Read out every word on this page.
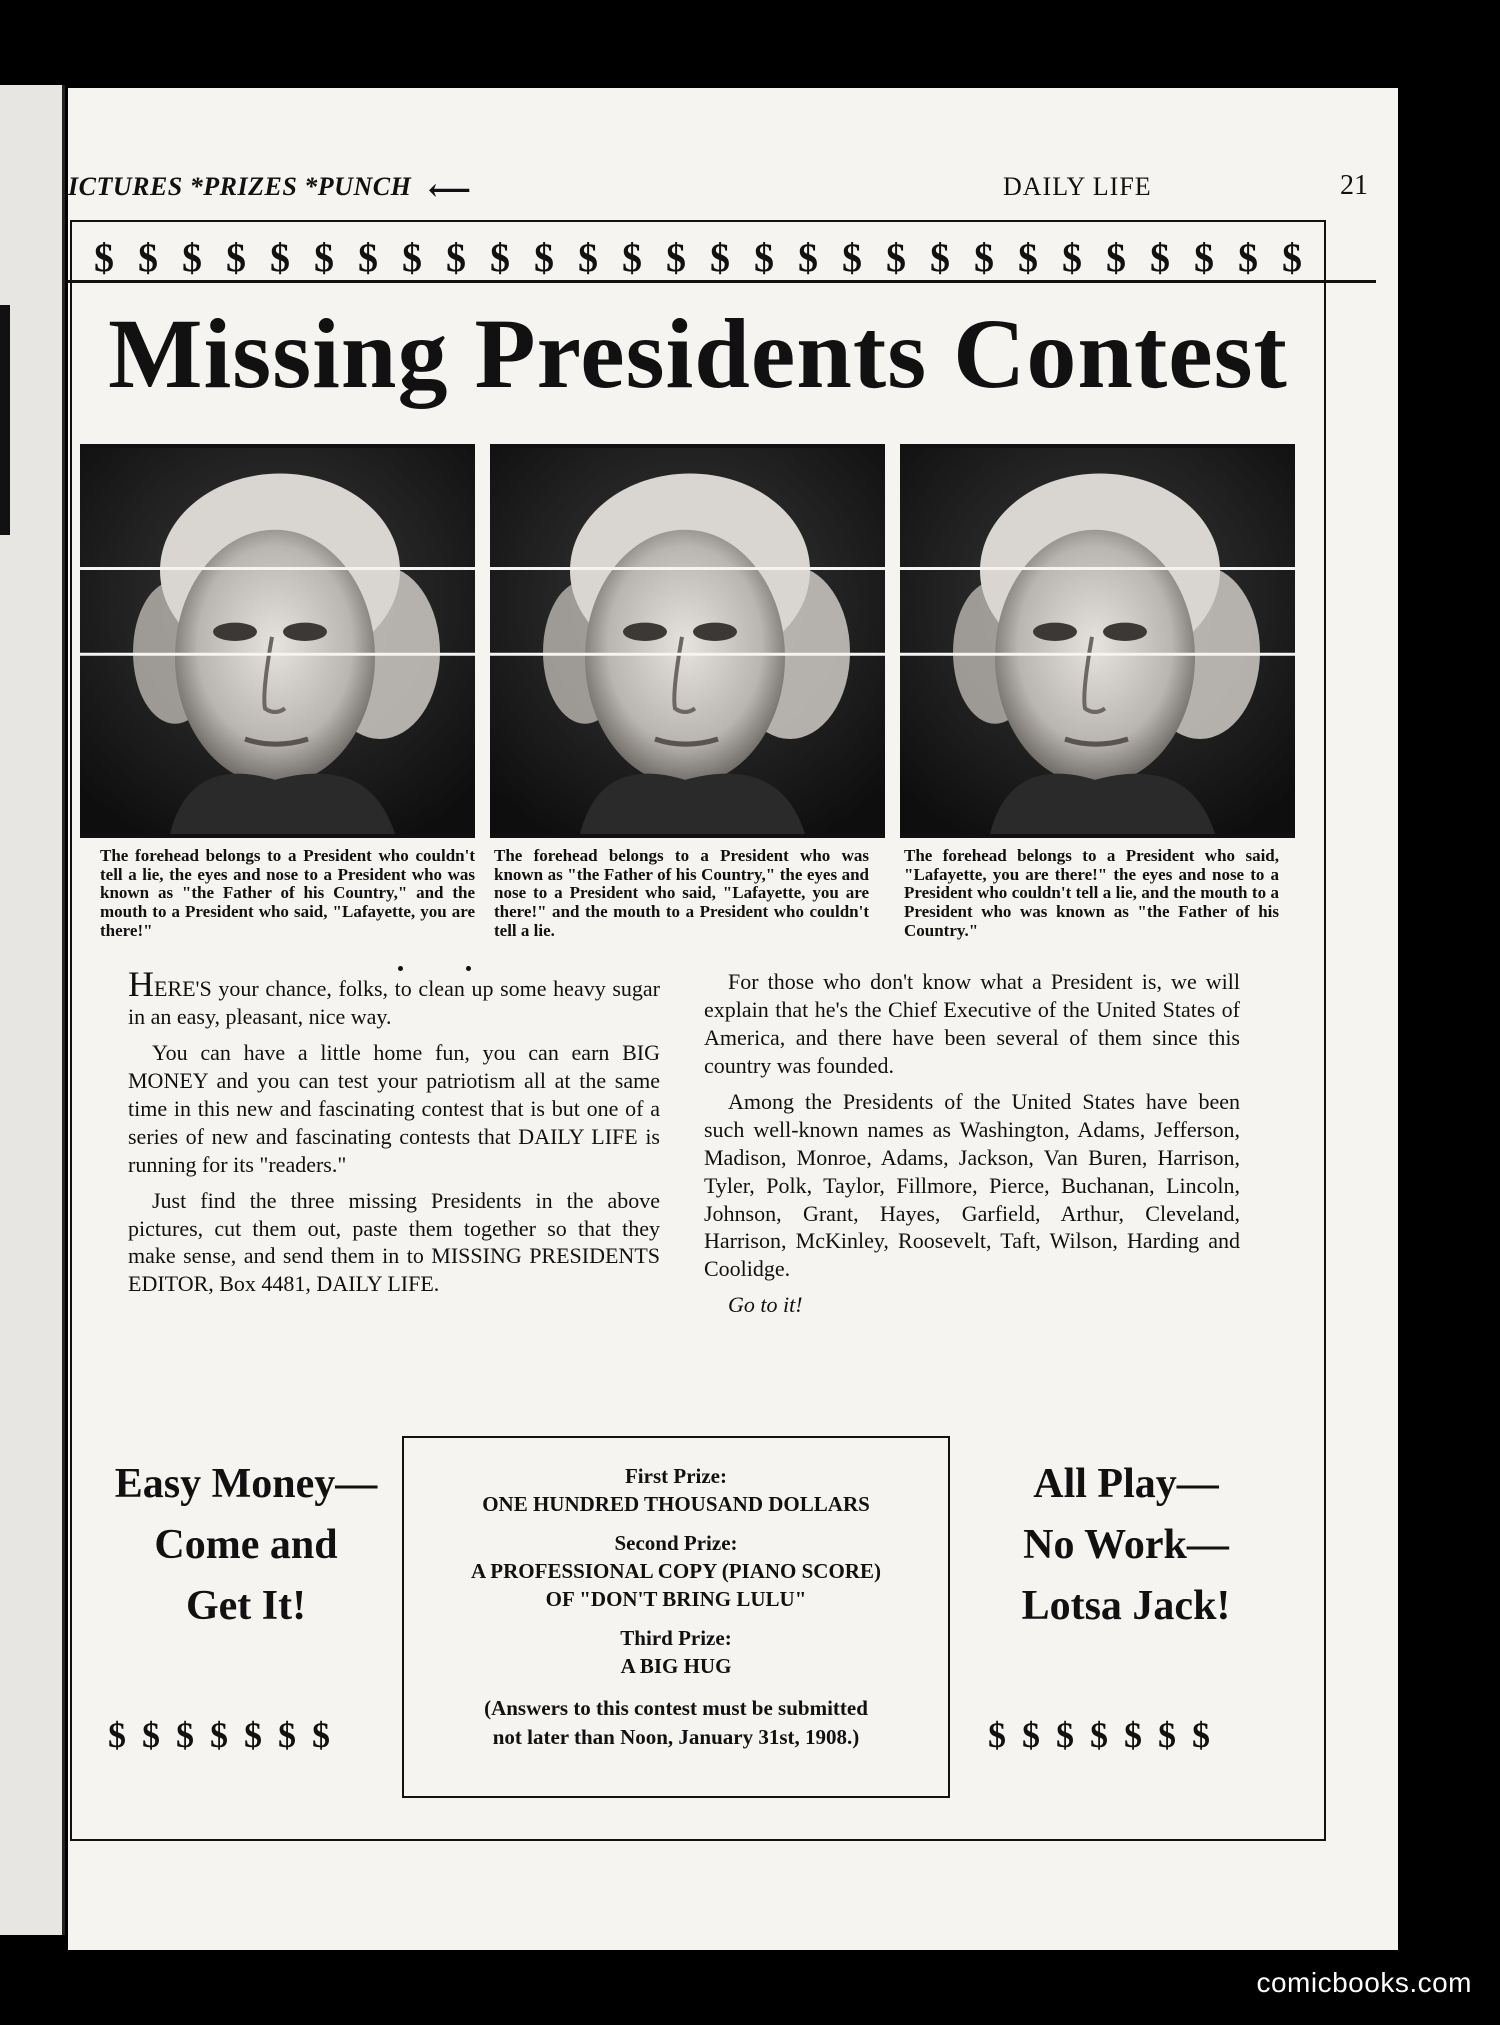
ICTURES *PRIZES *PUNCH ⟵	DAILY LIFE	21
$ $ $ $ $ $ $ $ $ $ $ $ $ $ $ $ $ $ $ $ $ $ $ $ $ $ $ $
Missing Presidents Contest
The forehead belongs to a President who couldn't tell a lie, the eyes and nose to a President who was known as "the Father of his Country," and the mouth to a President who said, "Lafayette, you are there!"
The forehead belongs to a President who was known as "the Father of his Country," the eyes and nose to a President who said, "Lafayette, you are there!" and the mouth to a President who couldn't tell a lie.
The forehead belongs to a President who said, "Lafayette, you are there!" the eyes and nose to a President who couldn't tell a lie, and the mouth to a President who was known as "the Father of his Country."

HERE'S your chance, folks, to clean up some heavy sugar in an easy, pleasant, nice way.

You can have a little home fun, you can earn BIG MONEY and you can test your patriotism all at the same time in this new and fascinating contest that is but one of a series of new and fascinating contests that DAILY LIFE is running for its "readers."

Just find the three missing Presidents in the above pictures, cut them out, paste them together so that they make sense, and send them in to MISSING PRESIDENTS EDITOR, Box 4481, DAILY LIFE.

For those who don't know what a President is, we will explain that he's the Chief Executive of the United States of America, and there have been several of them since this country was founded.

Among the Presidents of the United States have been such well-known names as Washington, Adams, Jefferson, Madison, Monroe, Adams, Jackson, Van Buren, Harrison, Tyler, Polk, Taylor, Fillmore, Pierce, Buchanan, Lincoln, Johnson, Grant, Hayes, Garfield, Arthur, Cleveland, Harrison, McKinley, Roosevelt, Taft, Wilson, Harding and Coolidge.

Go to it!

Easy Money—
Come and
Get It!
$$$$$$$
First Prize:
ONE HUNDRED THOUSAND DOLLARS
Second Prize:
A PROFESSIONAL COPY (PIANO SCORE)
OF "DON'T BRING LULU"
Third Prize:
A BIG HUG
(Answers to this contest must be submitted
not later than Noon, January 31st, 1908.)
All Play—
No Work—
Lotsa Jack!
$$$$$$$
comicbooks.com
